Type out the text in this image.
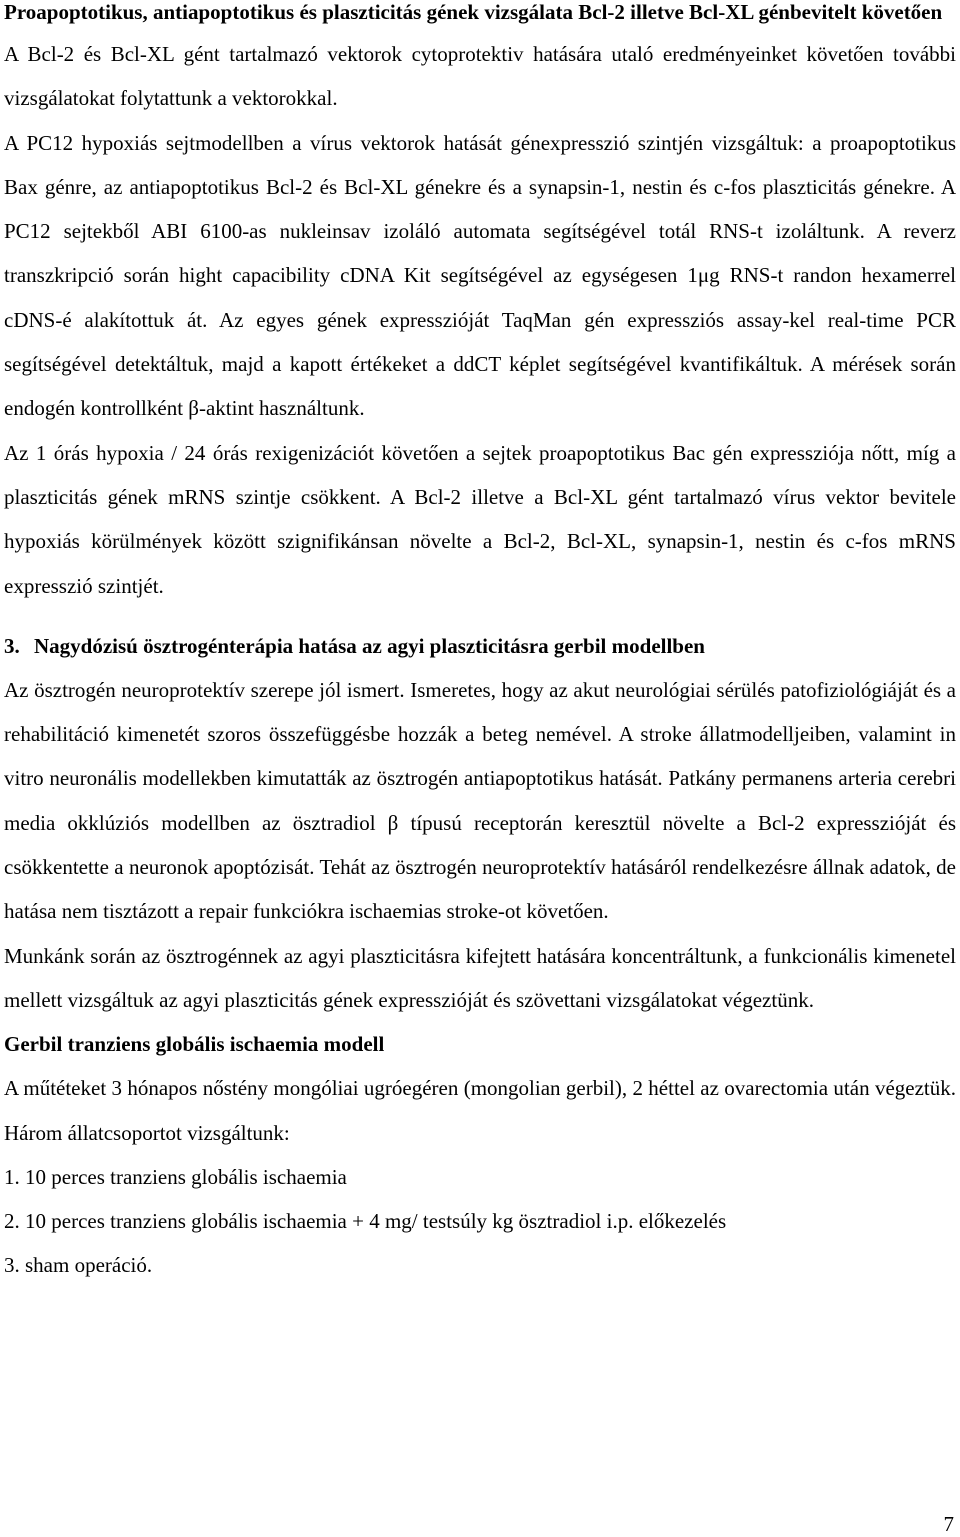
Proapoptotikus, antiapoptotikus és plaszticitás gének vizsgálata Bcl-2 illetve Bcl-XL génbevitelt követően

A Bcl-2 és Bcl-XL gént tartalmazó vektorok cytoprotektiv hatására utaló eredményeinket követően további vizsgálatokat folytattunk a vektorokkal.

A PC12 hypoxiás sejtmodellben a vírus vektorok hatását génexpresszió szintjén vizsgáltuk: a proapoptotikus Bax génre, az antiapoptotikus Bcl-2 és Bcl-XL génekre és a synapsin-1, nestin és c-fos plaszticitás génekre. A PC12 sejtekből ABI 6100-as nukleinsav izoláló automata segítségével totál RNS-t izoláltunk. A reverz transzkripció során hight capacibility cDNA Kit segítségével az egységesen 1μg RNS-t randon hexamerrel cDNS-é alakítottuk át. Az egyes gének expresszióját TaqMan gén expressziós assay-kel real-time PCR segítségével detektáltuk, majd a kapott értékeket a ddCT képlet segítségével kvantifikáltuk. A mérések során endogén kontrollként β-aktint használtunk.

Az 1 órás hypoxia / 24 órás rexigenizációt követően a sejtek proapoptotikus Bac gén expressziója nőtt, míg a plaszticitás gének mRNS szintje csökkent. A Bcl-2 illetve a Bcl-XL gént tartalmazó vírus vektor bevitele hypoxiás körülmények között szignifikánsan növelte a Bcl-2, Bcl-XL, synapsin-1, nestin és c-fos mRNS expresszió szintjét.

3. Nagydózisú ösztrogénterápia hatása az agyi plaszticitásra gerbil modellben

Az ösztrogén neuroprotektív szerepe jól ismert. Ismeretes, hogy az akut neurológiai sérülés patofiziológiáját és a rehabilitáció kimenetét szoros összefüggésbe hozzák a beteg nemével. A stroke állatmodelljeiben, valamint in vitro neuronális modellekben kimutatták az ösztrogén antiapoptotikus hatását. Patkány permanens arteria cerebri media okklúziós modellben az ösztradiol β típusú receptorán keresztül növelte a Bcl-2 expresszióját és csökkentette a neuronok apoptózisát. Tehát az ösztrogén neuroprotektív hatásáról rendelkezésre állnak adatok, de hatása nem tisztázott a repair funkciókra ischaemias stroke-ot követően.

Munkánk során az ösztrogénnek az agyi plaszticitásra kifejtett hatására koncentráltunk, a funkcionális kimenetel mellett vizsgáltuk az agyi plaszticitás gének expresszióját és szövettani vizsgálatokat végeztünk.

Gerbil tranziens globális ischaemia modell

A műtéteket 3 hónapos nőstény mongóliai ugróegéren (mongolian gerbil), 2 héttel az ovarectomia után végeztük. Három állatcsoportot vizsgáltunk:

1. 10 perces tranziens globális ischaemia

2. 10 perces tranziens globális ischaemia + 4 mg/ testsúly kg ösztradiol i.p. előkezelés

3. sham operáció.

7
